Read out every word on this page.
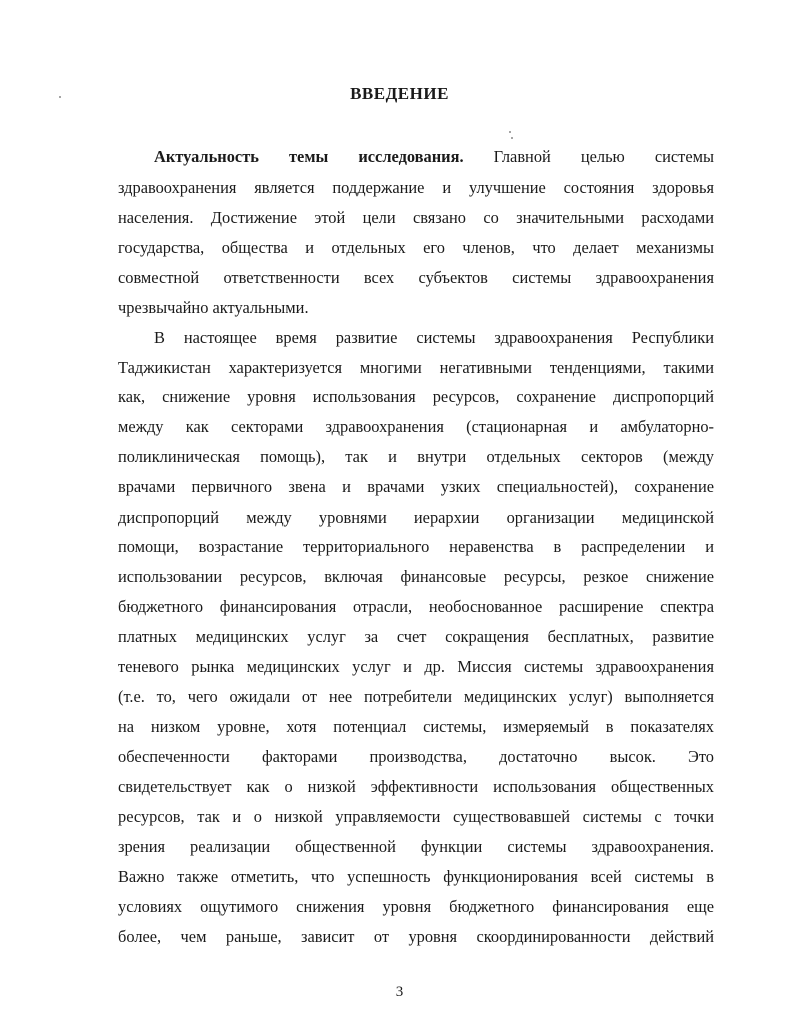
ВВЕДЕНИЕ
Актуальность темы исследования. Главной целью системы
здравоохранения является поддержание и улучшение состояния здоровья
населения. Достижение этой цели связано со значительными расходами
государства, общества и отдельных его членов, что делает механизмы
совместной ответственности всех субъектов системы здравоохранения
чрезвычайно актуальными.
В настоящее время развитие системы здравоохранения Республики
Таджикистан характеризуется многими негативными тенденциями, такими
как, снижение уровня использования ресурсов, сохранение диспропорций
между как секторами здравоохранения (стационарная и амбулаторно-
поликлиническая помощь), так и внутри отдельных секторов (между
врачами первичного звена и врачами узких специальностей), сохранение
диспропорций между уровнями иерархии организации медицинской
помощи, возрастание территориального неравенства в распределении и
использовании ресурсов, включая финансовые ресурсы, резкое снижение
бюджетного финансирования отрасли, необоснованное расширение спектра
платных медицинских услуг за счет сокращения бесплатных, развитие
теневого рынка медицинских услуг и др. Миссия системы здравоохранения
(т.е. то, чего ожидали от нее потребители медицинских услуг) выполняется
на низком уровне, хотя потенциал системы, измеряемый в показателях
обеспеченности факторами производства, достаточно высок. Это
свидетельствует как о низкой эффективности использования общественных
ресурсов, так и о низкой управляемости существовавшей системы с точки
зрения реализации общественной функции системы здравоохранения.
Важно также отметить, что успешность функционирования всей системы в
условиях ощутимого снижения уровня бюджетного финансирования еще
более, чем раньше, зависит от уровня скоординированности действий
3
